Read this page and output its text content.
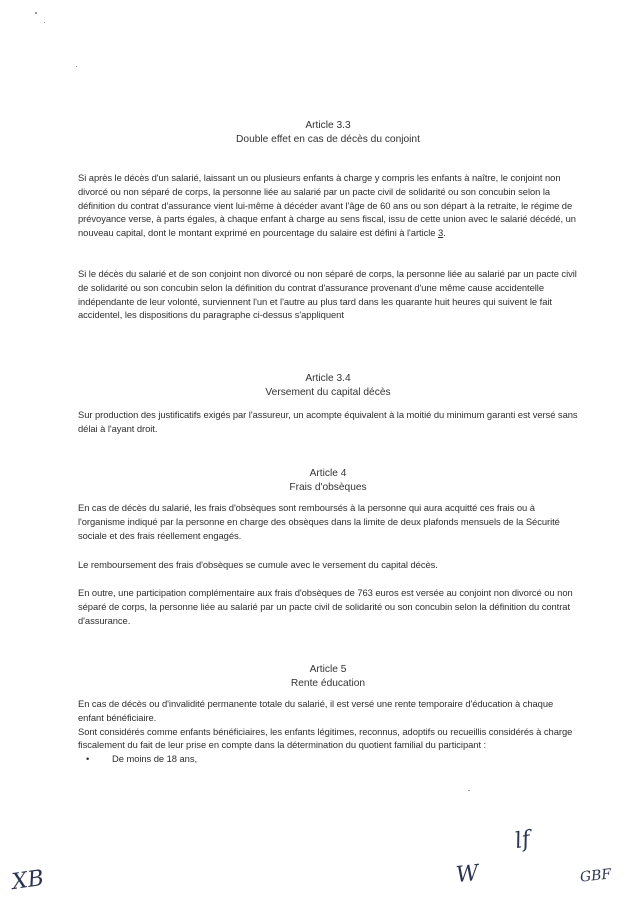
Article 3.3
Double effet en cas de décès du conjoint

Si après le décès d'un salarié, laissant un ou plusieurs enfants à charge y compris les enfants à naître, le conjoint non divorcé ou non séparé de corps, la personne liée au salarié par un pacte civil de solidarité ou son concubin selon la définition du contrat d'assurance vient lui-même à décéder avant l'âge de 60 ans ou son départ à la retraite, le régime de prévoyance verse, à parts égales, à chaque enfant à charge au sens fiscal, issu de cette union avec le salarié décédé, un nouveau capital, dont le montant exprimé en pourcentage du salaire est défini à l'article 3.

Si le décès du salarié et de son conjoint non divorcé ou non séparé de corps, la personne liée au salarié par un pacte civil de solidarité ou son concubin selon la définition du contrat d'assurance provenant d'une même cause accidentelle indépendante de leur volonté, surviennent l'un et l'autre au plus tard dans les quarante huit heures qui suivent le fait accidentel, les dispositions du paragraphe ci-dessus s'appliquent

Article 3.4
Versement du capital décès

Sur production des justificatifs exigés par l'assureur, un acompte équivalent à la moitié du minimum garanti est versé sans délai à l'ayant droit.

Article 4
Frais d'obsèques

En cas de décès du salarié, les frais d'obsèques sont remboursés à la personne qui aura acquitté ces frais ou à l'organisme indiqué par la personne en charge des obsèques dans la limite de deux plafonds mensuels de la Sécurité sociale et des frais réellement engagés.

Le remboursement des frais d'obsèques se cumule avec le versement du capital décès.

En outre, une participation complémentaire aux frais d'obsèques de 763 euros est versée au conjoint non divorcé ou non séparé de corps, la personne liée au salarié par un pacte civil de solidarité ou son concubin selon la définition du contrat d'assurance.

Article 5
Rente éducation

En cas de décès ou d'invalidité permanente totale du salarié, il est versé une rente temporaire d'éducation à chaque enfant bénéficiaire.

Sont considérés comme enfants bénéficiaires, les enfants légitimes, reconnus, adoptifs ou recueillis considérés à charge fiscalement du fait de leur prise en compte dans la détermination du quotient familial du participant :

•	De moins de 18 ans,
XB	W
lf
GBF
